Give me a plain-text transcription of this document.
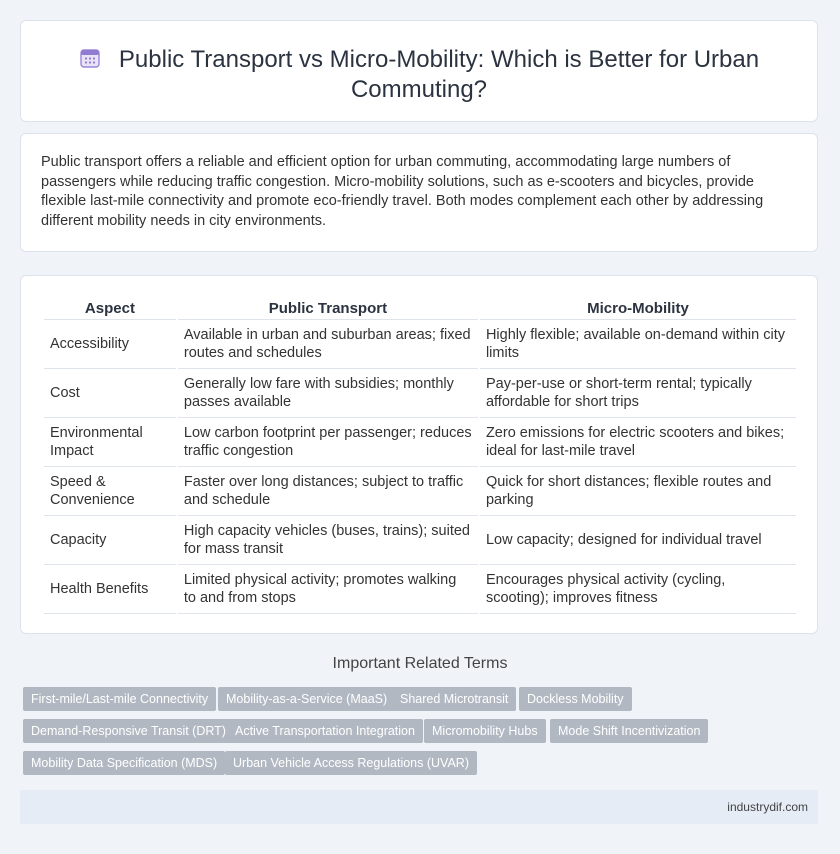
Public Transport vs Micro-Mobility: Which is Better for Urban Commuting?
Public transport offers a reliable and efficient option for urban commuting, accommodating large numbers of passengers while reducing traffic congestion. Micro-mobility solutions, such as e-scooters and bicycles, provide flexible last-mile connectivity and promote eco-friendly travel. Both modes complement each other by addressing different mobility needs in city environments.
Aspect	Public Transport	Micro-Mobility
Accessibility	Available in urban and suburban areas; fixed routes and schedules	Highly flexible; available on-demand within city limits
Cost	Generally low fare with subsidies; monthly passes available	Pay-per-use or short-term rental; typically affordable for short trips
Environmental Impact	Low carbon footprint per passenger; reduces traffic congestion	Zero emissions for electric scooters and bikes; ideal for last-mile travel
Speed & Convenience	Faster over long distances; subject to traffic and schedule	Quick for short distances; flexible routes and parking
Capacity	High capacity vehicles (buses, trains); suited for mass transit	Low capacity; designed for individual travel
Health Benefits	Limited physical activity; promotes walking to and from stops	Encourages physical activity (cycling, scooting); improves fitness
Important Related Terms
First-mile/Last-mile Connectivity	Mobility-as-a-Service (MaaS)	Shared Microtransit	Dockless Mobility
Demand-Responsive Transit (DRT) Active Transportation Integration	Micromobility Hubs	Mode Shift Incentivization
Mobility Data Specification (MDS)	Urban Vehicle Access Regulations (UVAR)
industrydif.com
